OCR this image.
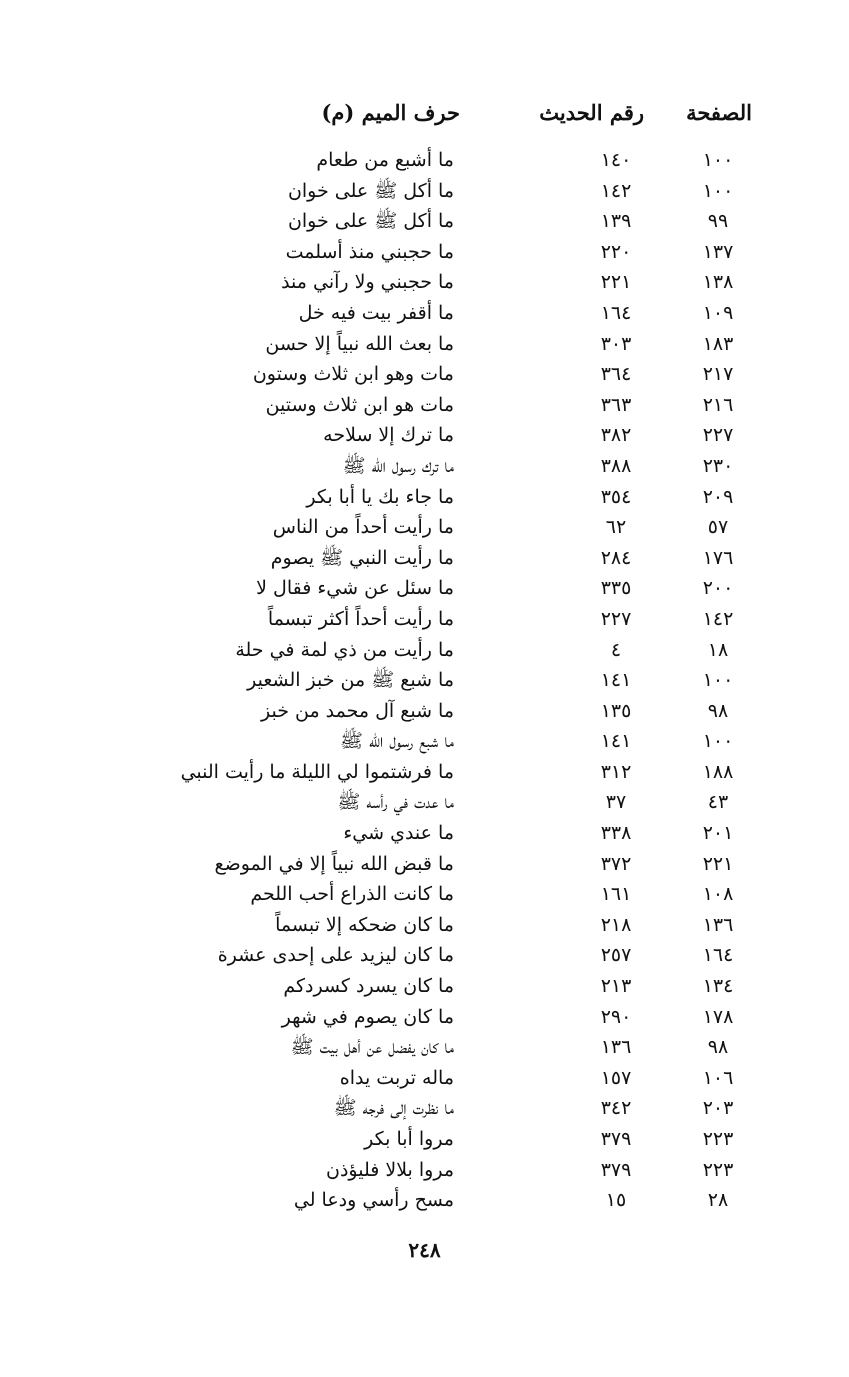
الصفحة
رقم الحديث
حرف الميم (م)
١٠٠
١٤٠
ما أشبع من طعام
١٠٠
١٤٢
ما أكل ﷺ على خوان
٩٩
١٣٩
ما أكل ﷺ على خوان
١٣٧
٢٢٠
ما حجبني منذ أسلمت
١٣٨
٢٢١
ما حجبني ولا رآني منذ
١٠٩
١٦٤
ما أقفر بيت فيه خل
١٨٣
٣٠٣
ما بعث الله نبياً إلا حسن
٢١٧
٣٦٤
مات وهو ابن ثلاث وستون
٢١٦
٣٦٣
مات هو ابن ثلاث وستين
٢٢٧
٣٨٢
ما ترك إلا سلاحه
٢٣٠
٣٨٨
ما ترك رسول الله ﷺ
٢٠٩
٣٥٤
ما جاء بك يا أبا بكر
٥٧
٦٢
ما رأيت أحداً من الناس
١٧٦
٢٨٤
ما رأيت النبي ﷺ يصوم
٢٠٠
٣٣٥
ما سئل عن شيء فقال لا
١٤٢
٢٢٧
ما رأيت أحداً أكثر تبسماً
١٨
٤
ما رأيت من ذي لمة في حلة
١٠٠
١٤١
ما شبع ﷺ من خبز الشعير
٩٨
١٣٥
ما شبع آل محمد من خبز
١٠٠
١٤١
ما شبع رسول الله ﷺ
١٨٨
٣١٢
ما فرشتموا لي الليلة ما رأيت النبي
٤٣
٣٧
ما عدت في رأسه ﷺ
٢٠١
٣٣٨
ما عندي شيء
٢٢١
٣٧٢
ما قبض الله نبياً إلا في الموضع
١٠٨
١٦١
ما كانت الذراع أحب اللحم
١٣٦
٢١٨
ما كان ضحكه إلا تبسماً
١٦٤
٢٥٧
ما كان ليزيد على إحدى عشرة
١٣٤
٢١٣
ما كان يسرد كسردكم
١٧٨
٢٩٠
ما كان يصوم في شهر
٩٨
١٣٦
ما كان يفضل عن أهل بيت ﷺ
١٠٦
١٥٧
ماله تربت يداه
٢٠٣
٣٤٢
ما نظرت إلى فرجه ﷺ
٢٢٣
٣٧٩
مروا أبا بكر
٢٢٣
٣٧٩
مروا بلالا فليؤذن
٢٨
١٥
مسح رأسي ودعا لي
٢٤٨
